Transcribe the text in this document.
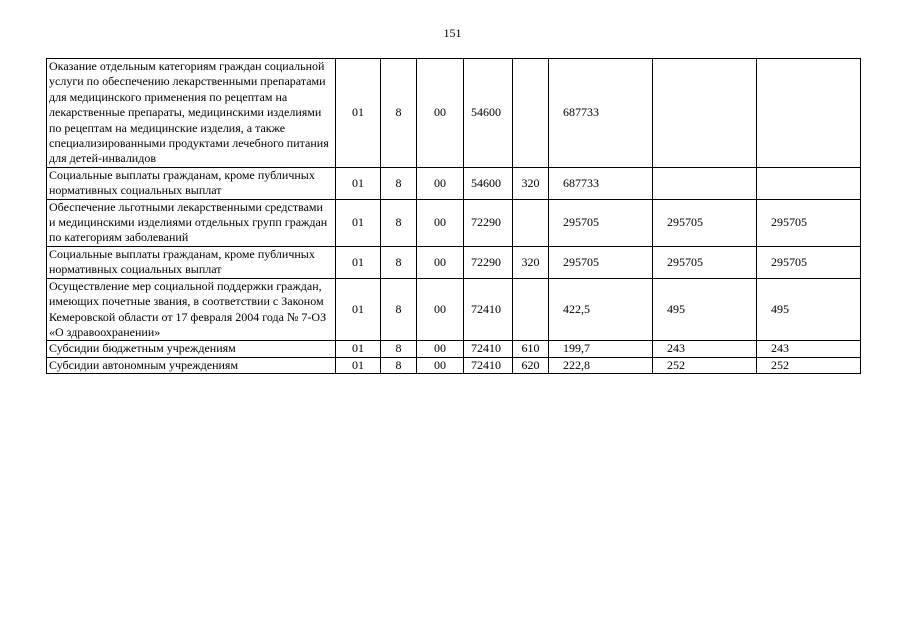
151
Оказание отдельным категориям граждан социальной услуги по обеспечению лекарственными препаратами для медицинского применения по рецептам на лекарственные препараты, медицинскими изделиями по рецептам на медицинские изделия, а также специализированными продуктами лечебного питания для детей-инвалидов	01	8	00	54600		687733		
Социальные выплаты гражданам, кроме публичных нормативных социальных выплат	01	8	00	54600	320	687733		
Обеспечение льготными лекарственными средствами и медицинскими изделиями отдельных групп граждан по категориям заболеваний	01	8	00	72290		295705	295705	295705
Социальные выплаты гражданам, кроме публичных нормативных социальных выплат	01	8	00	72290	320	295705	295705	295705
Осуществление мер социальной поддержки граждан, имеющих почетные звания, в соответствии с Законом Кемеровской области от 17 февраля 2004 года № 7-ОЗ «О здравоохранении»	01	8	00	72410		422,5	495	495
Субсидии бюджетным учреждениям	01	8	00	72410	610	199,7	243	243
Субсидии автономным учреждениям	01	8	00	72410	620	222,8	252	252
